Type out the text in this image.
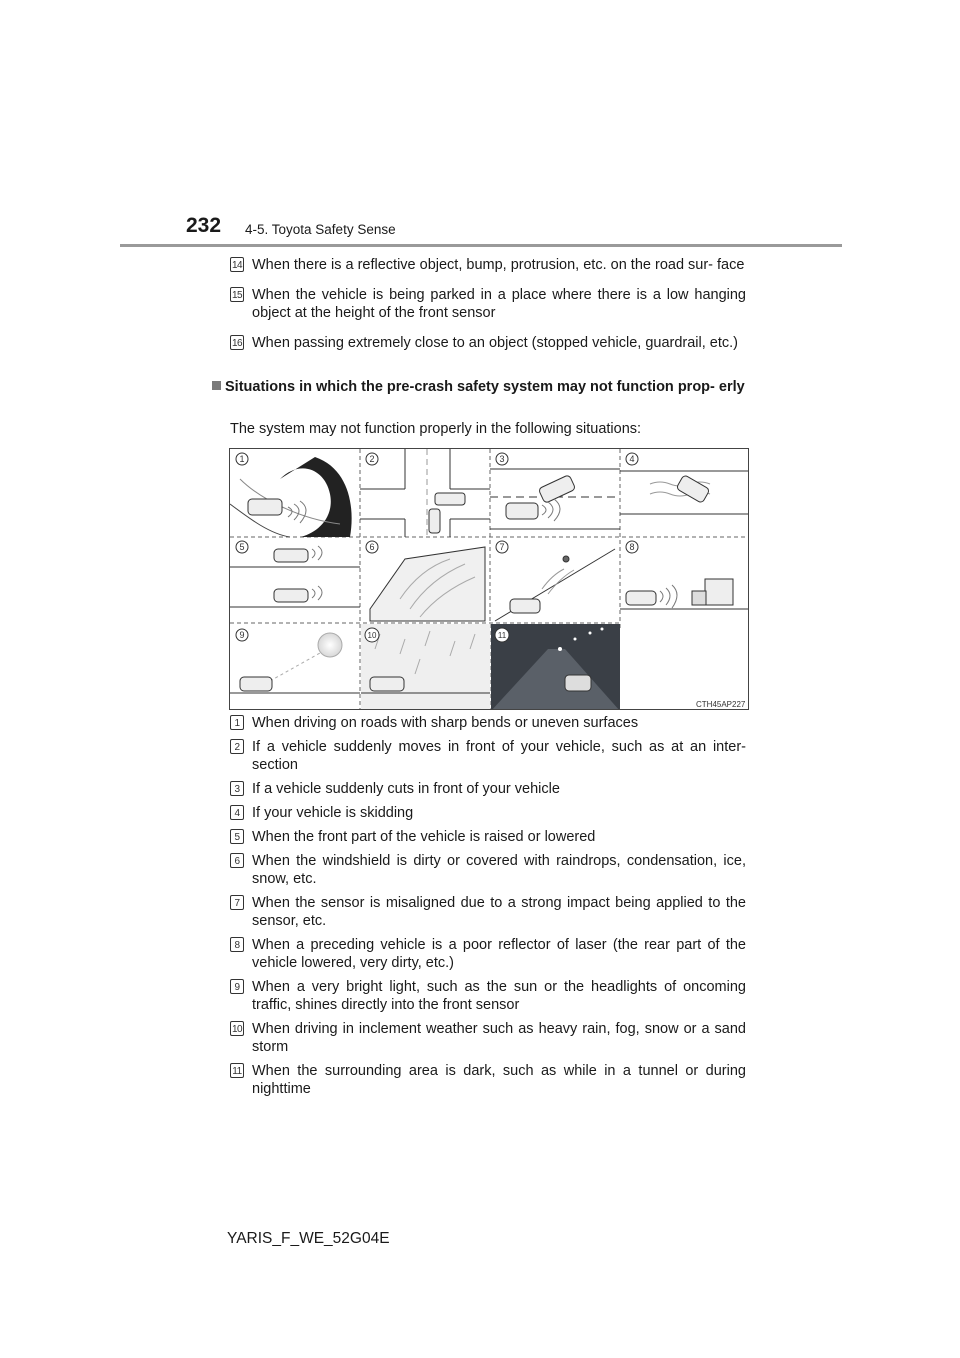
232 4-5. Toyota Safety Sense
14 When there is a reflective object, bump, protrusion, etc. on the road sur- face
15 When the vehicle is being parked in a place where there is a low hanging object at the height of the front sensor
16 When passing extremely close to an object (stopped vehicle, guardrail, etc.)
Situations in which the pre-crash safety system may not function prop- erly
The system may not function properly in the following situations:
1	2	3	4
5	6	7	8
9	10	11
CTH45AP227
1 When driving on roads with sharp bends or uneven surfaces
2 If a vehicle suddenly moves in front of your vehicle, such as at an inter- section
3 If a vehicle suddenly cuts in front of your vehicle
4 If your vehicle is skidding
5 When the front part of the vehicle is raised or lowered
6 When the windshield is dirty or covered with raindrops, condensation, ice, snow, etc.
7 When the sensor is misaligned due to a strong impact being applied to the sensor, etc.
8 When a preceding vehicle is a poor reflector of laser (the rear part of the vehicle lowered, very dirty, etc.)
9 When a very bright light, such as the sun or the headlights of oncoming traffic, shines directly into the front sensor
10 When driving in inclement weather such as heavy rain, fog, snow or a sand storm
11 When the surrounding area is dark, such as while in a tunnel or during nighttime
YARIS_F_WE_52G04E
